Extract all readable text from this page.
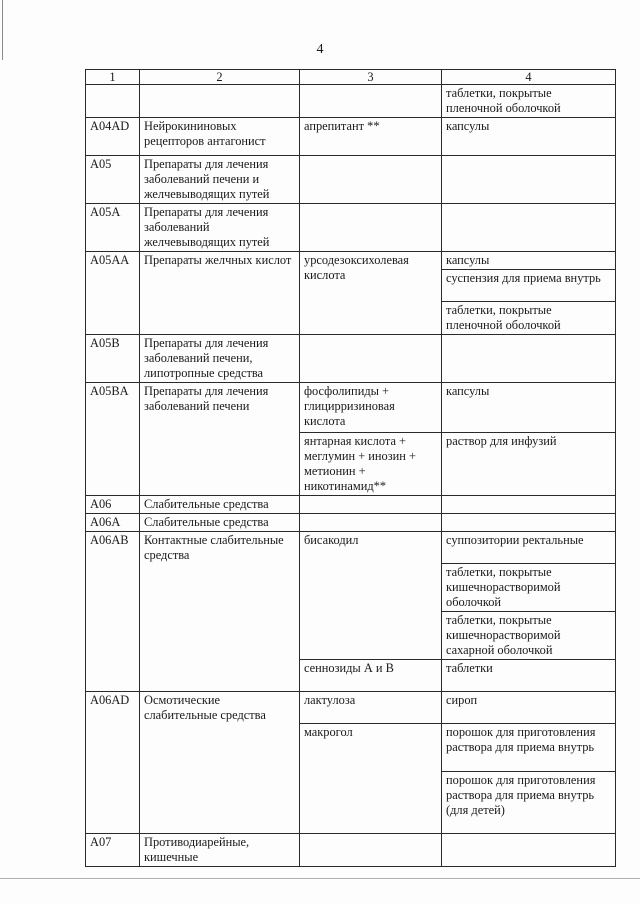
4
1	2	3	4
			таблетки, покрытые пленочной оболочкой
A04AD	Нейрокининовых рецепторов антагонист	апрепитант **	капсулы
A05	Препараты для лечения заболеваний печени и желчевыводящих путей		
A05A	Препараты для лечения заболеваний желчевыводящих путей		
A05AA	Препараты желчных кислот	урсодезоксихолевая кислота	капсулы
			суспензия для приема внутрь
			таблетки, покрытые пленочной оболочкой
A05B	Препараты для лечения заболеваний печени, липотропные средства		
A05BA	Препараты для лечения заболеваний печени	фосфолипиды + глицирризиновая кислота	капсулы
		янтарная кислота + меглумин + инозин + метионин + никотинамид**	раствор для инфузий
A06	Слабительные средства		
A06A	Слабительные средства		
A06AB	Контактные слабительные средства	бисакодил	суппозитории ректальные
			таблетки, покрытые кишечнорастворимой оболочкой
			таблетки, покрытые кишечнорастворимой сахарной оболочкой
		сеннозиды А и В	таблетки
A06AD	Осмотические слабительные средства	лактулоза	сироп
		макрогол	порошок для приготовления раствора для приема внутрь
			порошок для приготовления раствора для приема внутрь (для детей)
A07	Противодиарейные, кишечные		
